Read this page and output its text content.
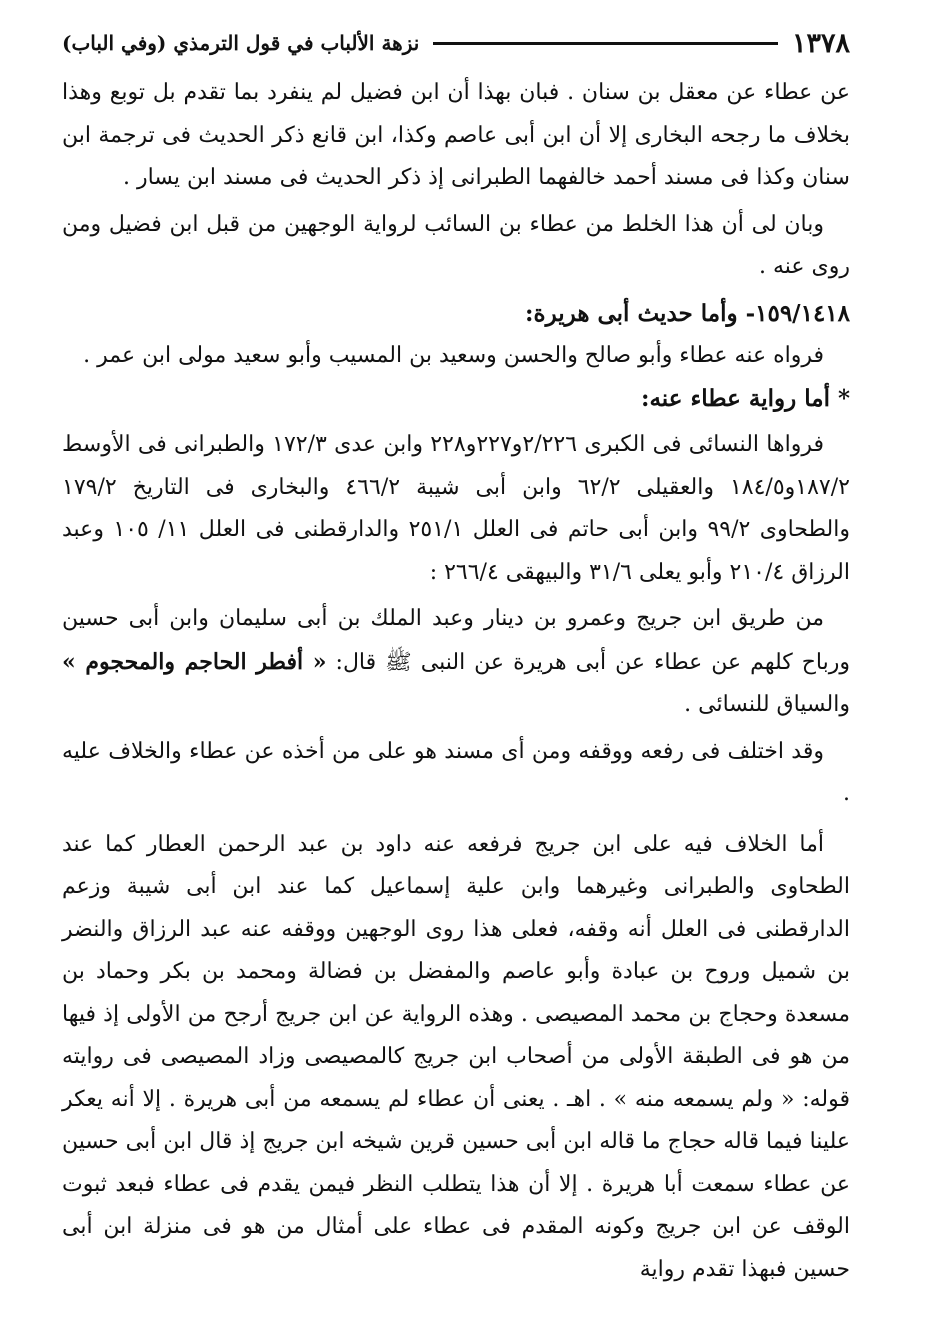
١٣٧٨
نزهة الألباب في قول الترمذي (وفي الباب)

عن عطاء عن معقل بن سنان . فبان بهذا أن ابن فضيل لم ينفرد بما تقدم بل توبع وهذا بخلاف ما رجحه البخارى إلا أن ابن أبى عاصم وكذا، ابن قانع ذكر الحديث فى ترجمة ابن سنان وكذا فى مسند أحمد خالفهما الطبرانى إذ ذكر الحديث فى مسند ابن يسار .

وبان لى أن هذا الخلط من عطاء بن السائب لرواية الوجهين من قبل ابن فضيل ومن روى عنه .

١٥٩/١٤١٨- وأما حديث أبى هريرة:

فرواه عنه عطاء وأبو صالح والحسن وسعيد بن المسيب وأبو سعيد مولى ابن عمر .

* أما رواية عطاء عنه:

فرواها النسائى فى الكبرى ٢/٢٢٦و٢٢٧و٢٢٨ وابن عدى ١٧٢/٣ والطبرانى فى الأوسط ١٨٧/٢و١٨٤/٥ والعقيلى ٦٢/٢ وابن أبى شيبة ٤٦٦/٢ والبخارى فى التاريخ ١٧٩/٢ والطحاوى ٩٩/٢ وابن أبى حاتم فى العلل ٢٥١/١ والدارقطنى فى العلل ١١/ ١٠٥ وعبد الرزاق ٢١٠/٤ وأبو يعلى ٣١/٦ والبيهقى ٢٦٦/٤ :

من طريق ابن جريج وعمرو بن دينار وعبد الملك بن أبى سليمان وابن أبى حسين ورباح كلهم عن عطاء عن أبى هريرة عن النبى ﷺ قال: « أفطر الحاجم والمحجوم » والسياق للنسائى .

وقد اختلف فى رفعه ووقفه ومن أى مسند هو على من أخذه عن عطاء والخلاف عليه .

أما الخلاف فيه على ابن جريج فرفعه عنه داود بن عبد الرحمن العطار كما عند الطحاوى والطبرانى وغيرهما وابن علية إسماعيل كما عند ابن أبى شيبة وزعم الدارقطنى فى العلل أنه وقفه، فعلى هذا روى الوجهين ووقفه عنه عبد الرزاق والنضر بن شميل وروح بن عبادة وأبو عاصم والمفضل بن فضالة ومحمد بن بكر وحماد بن مسعدة وحجاج بن محمد المصيصى . وهذه الرواية عن ابن جريج أرجح من الأولى إذ فيها من هو فى الطبقة الأولى من أصحاب ابن جريج كالمصيصى وزاد المصيصى فى روايته قوله: « ولم يسمعه منه » . اهـ . يعنى أن عطاء لم يسمعه من أبى هريرة . إلا أنه يعكر علينا فيما قاله حجاج ما قاله ابن أبى حسين قرين شيخه ابن جريج إذ قال ابن أبى حسين عن عطاء سمعت أبا هريرة . إلا أن هذا يتطلب النظر فيمن يقدم فى عطاء فبعد ثبوت الوقف عن ابن جريج وكونه المقدم فى عطاء على أمثال من هو فى منزلة ابن أبى حسين فبهذا تقدم رواية
